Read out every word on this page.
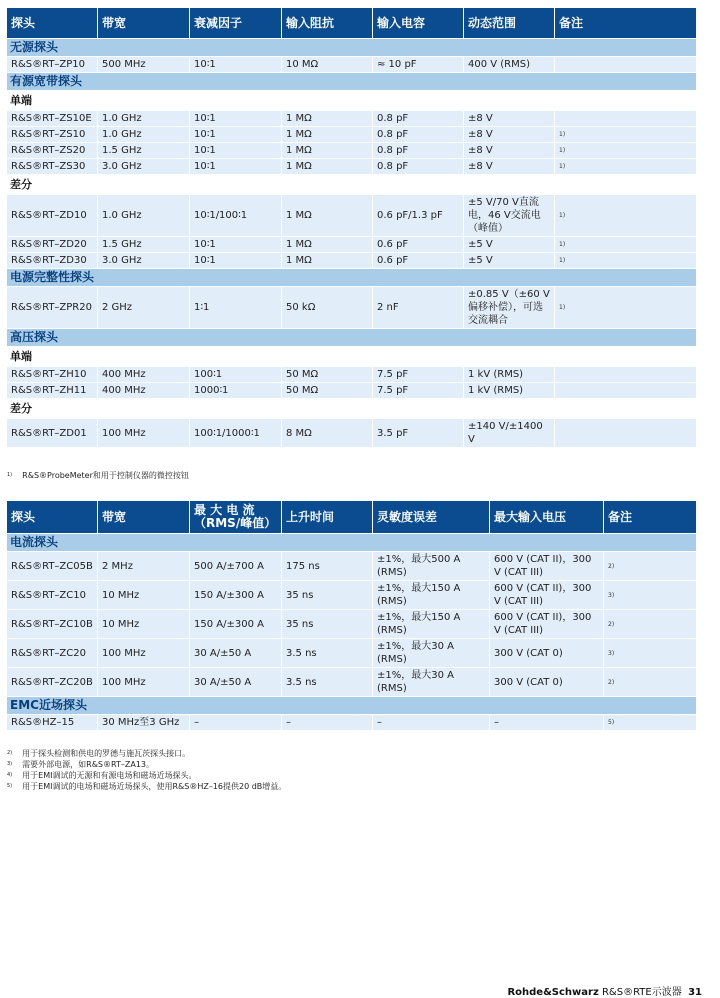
探头	带宽	衰减因子	输入阻抗	输入电容	动态范围	备注
无源探头						
R&S®RT–ZP10	500 MHz	10∶1	10 MΩ	≈ 10 pF	400 V (RMS)	
有源宽带探头						
单端						
R&S®RT–ZS10E	1.0 GHz	10∶1	1 MΩ	0.8 pF	±8 V	
R&S®RT–ZS10	1.0 GHz	10∶1	1 MΩ	0.8 pF	±8 V	1)
R&S®RT–ZS20	1.5 GHz	10∶1	1 MΩ	0.8 pF	±8 V	1)
R&S®RT–ZS30	3.0 GHz	10∶1	1 MΩ	0.8 pF	±8 V	1)
差分						
R&S®RT–ZD10	1.0 GHz	10∶1/100∶1	1 MΩ	0.6 pF/1.3 pF	±5 V/70 V直流电，46 V交流电（峰值）	1)
R&S®RT–ZD20	1.5 GHz	10∶1	1 MΩ	0.6 pF	±5 V	1)
R&S®RT–ZD30	3.0 GHz	10∶1	1 MΩ	0.6 pF	±5 V	1)
电源完整性探头						
R&S®RT–ZPR20	2 GHz	1∶1	50 kΩ	2 nF	±0.85 V（±60 V偏移补偿），可选交流耦合	1)
高压探头						
单端						
R&S®RT–ZH10	400 MHz	100∶1	50 MΩ	7.5 pF	1 kV (RMS)	
R&S®RT–ZH11	400 MHz	1000∶1	50 MΩ	7.5 pF	1 kV (RMS)	
差分						
R&S®RT–ZD01	100 MHz	100∶1/1000∶1	8 MΩ	3.5 pF	±140 V/±1400 V	
$^{1)}$ R&S®ProbeMeter和用于控制仪器的微控按钮
探头	带宽	最 大 电 流（RMS/峰值）	上升时间	灵敏度误差	最大输入电压	备注
电流探头						
R&S®RT–ZC05B	2 MHz	500 A/±700 A	175 ns	±1%，最大500 A (RMS)	600 V (CAT II)，300 V (CAT III)	2)
R&S®RT–ZC10	10 MHz	150 A/±300 A	35 ns	±1%，最大150 A (RMS)	600 V (CAT II)，300 V (CAT III)	3)
R&S®RT–ZC10B	10 MHz	150 A/±300 A	35 ns	±1%，最大150 A (RMS)	600 V (CAT II)，300 V (CAT III)	2)
R&S®RT–ZC20	100 MHz	30 A/±50 A	3.5 ns	±1%，最大30 A (RMS)	300 V (CAT 0)	3)
R&S®RT–ZC20B	100 MHz	30 A/±50 A	3.5 ns	±1%，最大30 A (RMS)	300 V (CAT 0)	2)
EMC近场探头						
R&S®HZ–15	30 MHz至3 GHz	–	–	–	–	5)
$^{2)}$ 用于探头检测和供电的罗德与施瓦茨探头接口。
$^{3)}$ 需要外部电源，如R&S®RT–ZA13。
$^{4)}$ 用于EMI调试的无源和有源电场和磁场近场探头。
$^{5)}$ 用于EMI调试的电场和磁场近场探头，使用R&S®HZ–16提供20 dB增益。
Rohde&Schwarz R&S®RTE示波器 31
